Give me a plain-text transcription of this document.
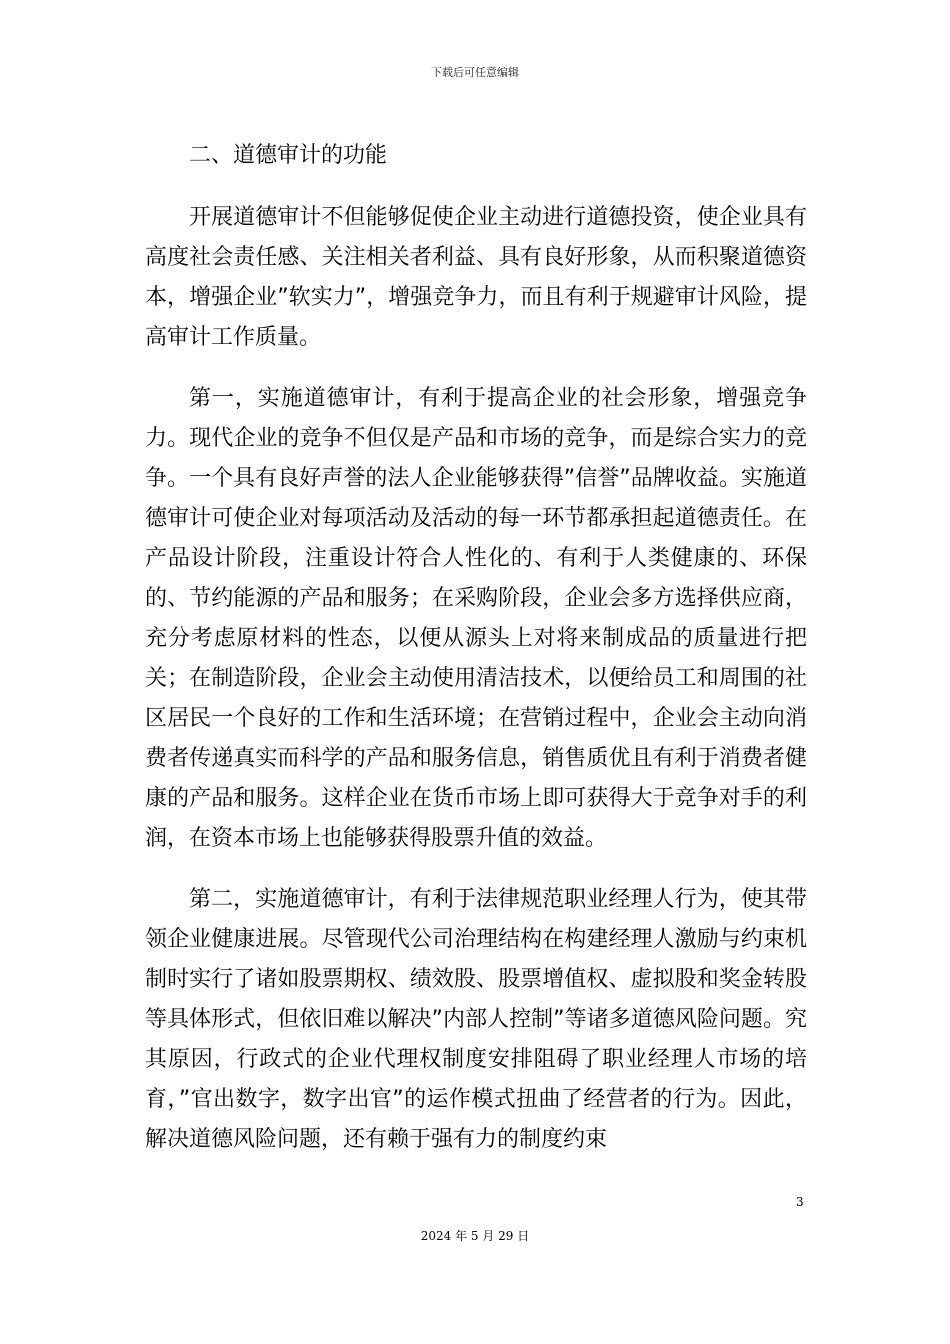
下载后可任意编辑
二、道德审计的功能

开展道德审计不但能够促使企业主动进行道德投资，使企业具有高度社会责任感、关注相关者利益、具有良好形象，从而积聚道德资本，增强企业”软实力”，增强竞争力，而且有利于规避审计风险，提高审计工作质量。

第一，实施道德审计，有利于提高企业的社会形象，增强竞争力。现代企业的竞争不但仅是产品和市场的竞争，而是综合实力的竞争。一个具有良好声誉的法人企业能够获得”信誉”品牌收益。实施道德审计可使企业对每项活动及活动的每一环节都承担起道德责任。在产品设计阶段，注重设计符合人性化的、有利于人类健康的、环保的、节约能源的产品和服务；在采购阶段，企业会多方选择供应商，充分考虑原材料的性态，以便从源头上对将来制成品的质量进行把关；在制造阶段，企业会主动使用清洁技术，以便给员工和周围的社区居民一个良好的工作和生活环境；在营销过程中，企业会主动向消费者传递真实而科学的产品和服务信息，销售质优且有利于消费者健康的产品和服务。这样企业在货币市场上即可获得大于竞争对手的利润，在资本市场上也能够获得股票升值的效益。

第二，实施道德审计，有利于法律规范职业经理人行为，使其带领企业健康进展。尽管现代公司治理结构在构建经理人激励与约束机制时实行了诸如股票期权、绩效股、股票增值权、虚拟股和奖金转股等具体形式，但依旧难以解决”内部人控制”等诸多道德风险问题。究其原因，行政式的企业代理权制度安排阻碍了职业经理人市场的培育，”官出数字，数字出官”的运作模式扭曲了经营者的行为。因此，解决道德风险问题，还有赖于强有力的制度约束

3
2024 年 5 月 29 日
